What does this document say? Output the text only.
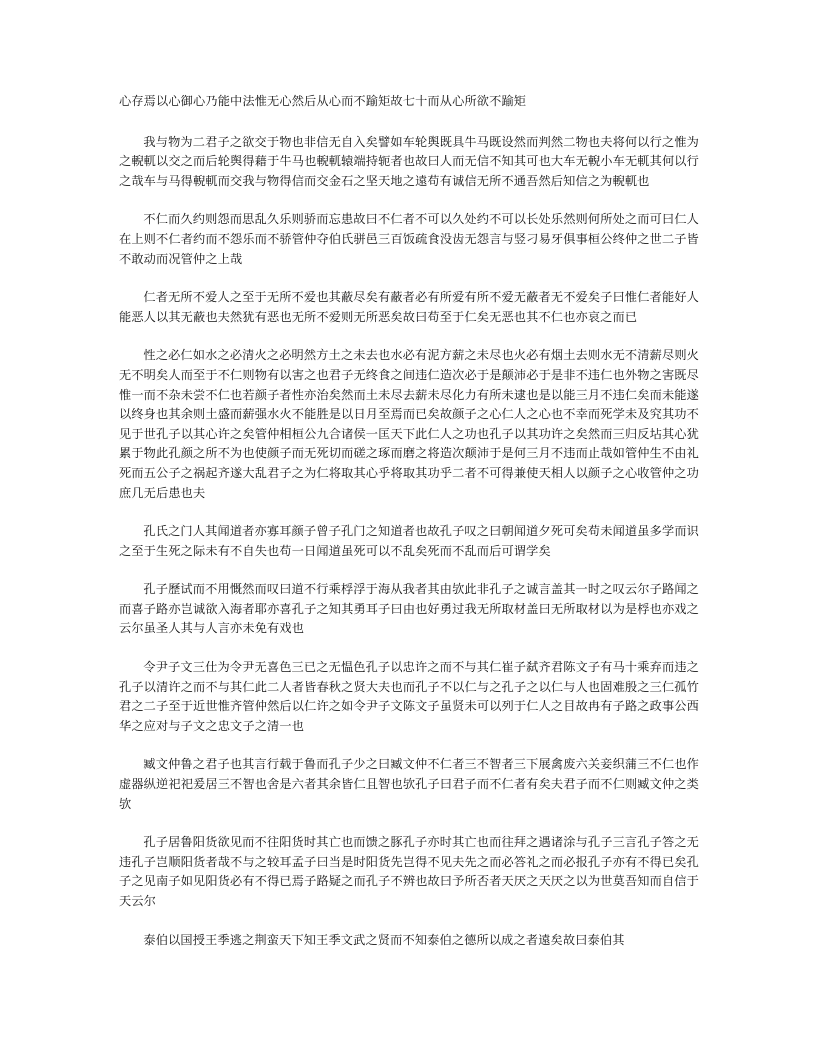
心存焉以心御心乃能中法惟无心然后从心而不踰矩故七十而从心所欲不踰矩

我与物为二君子之欲交于物也非信无自入矣譬如车轮舆既具牛马既设然而判然二物也夫将何以行之惟为之輗軏以交之而后轮舆得藉于牛马也輗軏辕端持轭者也故曰人而无信不知其可也大车无輗小车无軏其何以行之哉车与马得輗軏而交我与物得信而交金石之坚天地之遠苟有诚信无所不通吾然后知信之为輗軏也

不仁而久约则怨而思乱久乐则骄而忘患故曰不仁者不可以久处约不可以长处乐然则何所处之而可曰仁人在上则不仁者约而不怨乐而不骄管仲夺伯氏骈邑三百饭疏食没齿无怨言与竖刁易牙俱事桓公终仲之世二子皆不敢动而况管仲之上哉

仁者无所不爱人之至于无所不爱也其蔽尽矣有蔽者必有所爱有所不爱无蔽者无不爱矣子曰惟仁者能好人能恶人以其无蔽也夫然犹有恶也无所不爱则无所恶矣故曰苟至于仁矣无恶也其不仁也亦哀之而已

性之必仁如水之必清火之必明然方土之未去也水必有泥方薪之未尽也火必有烟土去则水无不清薪尽则火无不明矣人而至于不仁则物有以害之也君子无终食之间违仁造次必于是颠沛必于是非不违仁也外物之害既尽惟一而不杂未尝不仁也若颜子者性亦治矣然而土未尽去薪未尽化力有所未逮也是以能三月不违仁矣而未能遂以终身也其余则土盛而薪强水火不能胜是以日月至焉而已矣故颜子之心仁人之心也不幸而死学未及究其功不见于世孔子以其心许之矣管仲相桓公九合诸侯一匡天下此仁人之功也孔子以其功许之矣然而三归反坫其心犹累于物此孔颜之所不为也使颜子而无死切而磋之琢而磨之将造次颠沛于是何三月不违而止哉如管仲生不由礼死而五公子之祸起齐遂大乱君子之为仁将取其心乎将取其功乎二者不可得兼使天相人以颜子之心收管仲之功庶几无后患也夫

孔氏之门人其闻道者亦寡耳颜子曾子孔门之知道者也故孔子叹之曰朝闻道夕死可矣苟未闻道虽多学而识之至于生死之际未有不自失也苟一日闻道虽死可以不乱矣死而不乱而后可谓学矣

孔子歷试而不用慨然而叹曰道不行乘桴浮于海从我者其由欤此非孔子之诚言盖其一时之叹云尔子路闻之而喜子路亦岂诚欲入海者耶亦喜孔子之知其勇耳子曰由也好勇过我无所取材盖曰无所取材以为是桴也亦戏之云尔虽圣人其与人言亦未免有戏也

令尹子文三仕为令尹无喜色三已之无愠色孔子以忠许之而不与其仁崔子弑齐君陈文子有马十乘弃而违之孔子以清许之而不与其仁此二人者皆春秋之贤大夫也而孔子不以仁与之孔子之以仁与人也固难殷之三仁孤竹君之二子至于近世惟齐管仲然后以仁许之如令尹子文陈文子虽贤未可以列于仁人之目故冉有子路之政事公西华之应对与子文之忠文子之清一也

臧文仲鲁之君子也其言行载于鲁而孔子少之曰臧文仲不仁者三不智者三下展禽废六关妾织蒲三不仁也作虚器纵逆祀祀爰居三不智也舍是六者其余皆仁且智也欤孔子曰君子而不仁者有矣夫君子而不仁则臧文仲之类欤

孔子居鲁阳货欲见而不往阳货时其亡也而馈之豚孔子亦时其亡也而往拜之遇诸涂与孔子三言孔子答之无违孔子岂顺阳货者哉不与之较耳孟子曰当是时阳货先岂得不见夫先之而必答礼之而必报孔子亦有不得已矣孔子之见南子如见阳货必有不得已焉子路疑之而孔子不辨也故曰予所否者天厌之天厌之以为世莫吾知而自信于天云尔

泰伯以国授王季逃之荆蛮天下知王季文武之贤而不知泰伯之德所以成之者遠矣故曰泰伯其
